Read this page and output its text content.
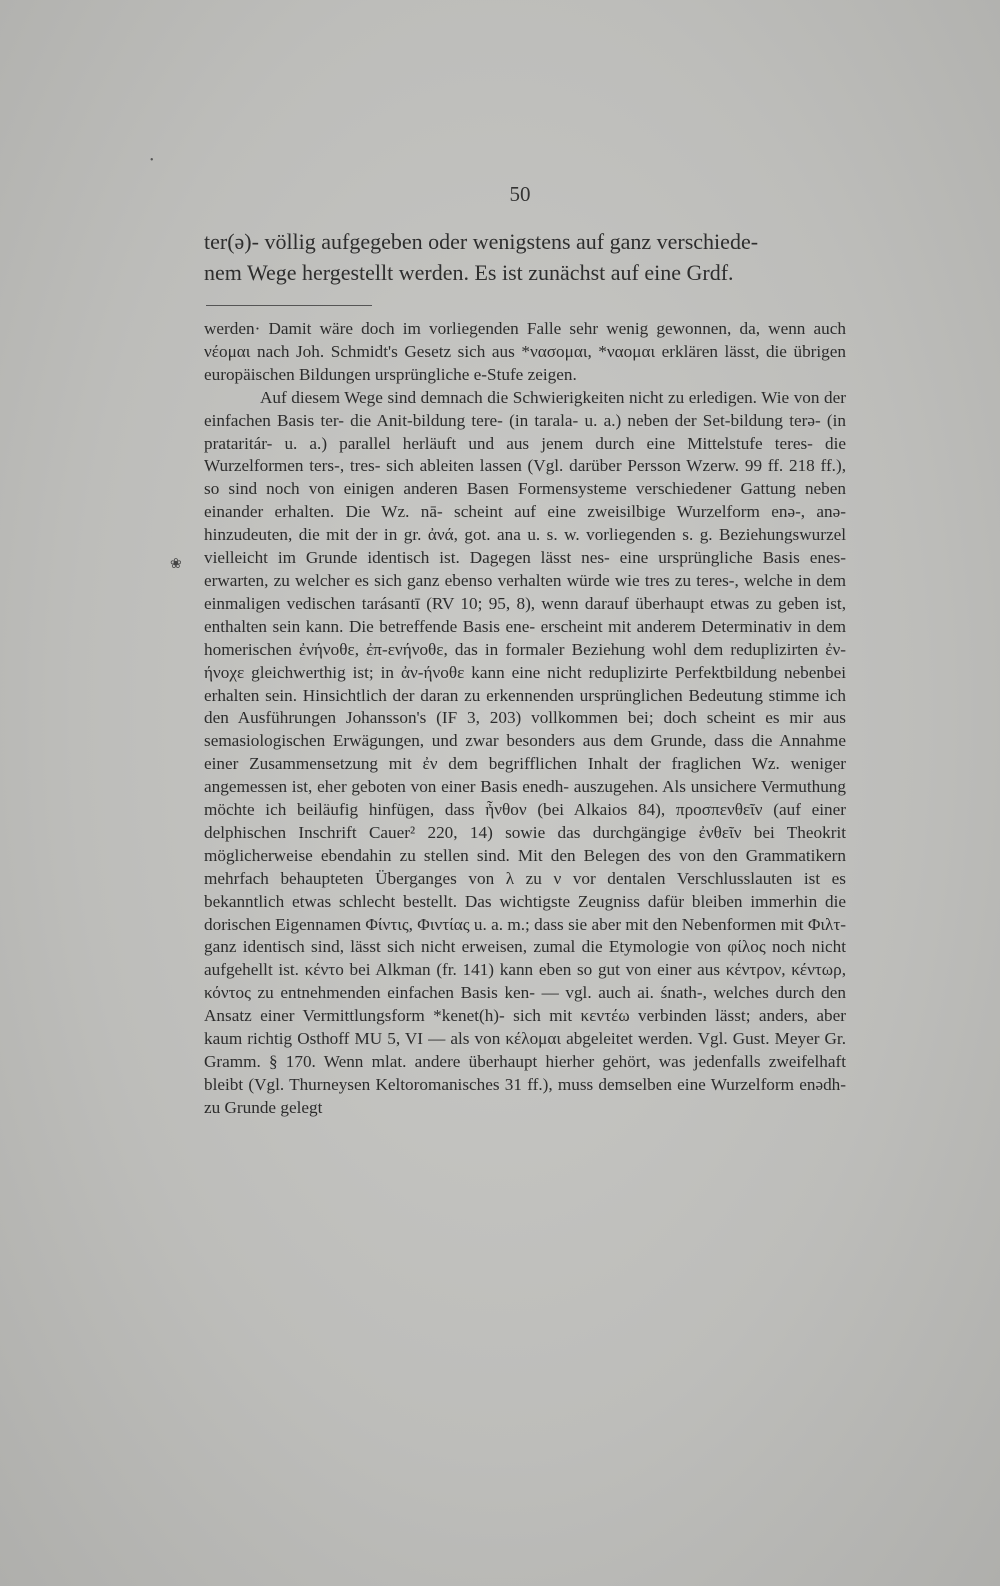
•
50

ter(ə)- völlig aufgegeben oder wenigstens auf ganz verschiede-

nem Wege hergestellt werden. Es ist zunächst auf eine Grdf.

werden· Damit wäre doch im vorliegenden Falle sehr wenig gewonnen, da, wenn auch νέομαι nach Joh. Schmidt's Gesetz sich aus *νασομαι, *ναομαι erklären lässt, die übrigen europäischen Bildungen ursprüngliche e-Stufe zeigen.

Auf diesem Wege sind demnach die Schwierigkeiten nicht zu erledigen. Wie von der einfachen Basis ter- die Anit-bildung tere- (in tarala- u. a.) neben der Set-bildung terə- (in prataritár- u. a.) parallel herläuft und aus jenem durch eine Mittelstufe teres- die Wurzelformen ters-, tres- sich ableiten lassen (Vgl. darüber Persson Wzerw. 99 ff. 218 ff.), so sind noch von einigen anderen Basen Formensysteme verschiedener Gattung neben einander erhalten. Die Wz. nā- scheint auf eine zweisilbige Wurzelform enə-, anə- hinzudeuten, die mit der in gr. ἀνά, got. ana u. s. w. vorliegenden s. g. Beziehungswurzel vielleicht im Grunde identisch ist. Dagegen lässt nes- eine ursprüngliche Basis enes- erwarten, zu welcher es sich ganz ebenso verhalten würde wie tres zu teres-, welche in dem einmaligen vedischen tarásantī (RV 10; 95, 8), wenn darauf überhaupt etwas zu geben ist, enthalten sein kann. Die betreffende Basis ene- erscheint mit anderem Determinativ in dem homerischen ἐνήνοθε, ἐπ-ενήνοθε, das in formaler Beziehung wohl dem reduplizirten ἐν-ήνοχε gleichwerthig ist; in ἀν-ήνοθε kann eine nicht reduplizirte Perfektbildung nebenbei erhalten sein. Hinsichtlich der daran zu erkennenden ursprünglichen Bedeutung stimme ich den Ausführungen Johansson's (IF 3, 203) vollkommen bei; doch scheint es mir aus semasiologischen Erwägungen, und zwar besonders aus dem Grunde, dass die Annahme einer Zusammensetzung mit ἐν dem begrifflichen Inhalt der fraglichen Wz. weniger angemessen ist, eher geboten von einer Basis enedh- auszugehen. Als unsichere Vermuthung möchte ich beiläufig hinfügen, dass ἦνθον (bei Alkaios 84), προσπενθεῖν (auf einer delphischen Inschrift Cauer² 220, 14) sowie das durchgängige ἐνθεῖν bei Theokrit möglicherweise ebendahin zu stellen sind. Mit den Belegen des von den Grammatikern mehrfach behaupteten Überganges von λ zu ν vor dentalen Verschlusslauten ist es bekanntlich etwas schlecht bestellt. Das wichtigste Zeugniss dafür bleiben immerhin die dorischen Eigennamen Φίντις, Φιντίας u. a. m.; dass sie aber mit den Nebenformen mit Φιλτ- ganz identisch sind, lässt sich nicht erweisen, zumal die Etymologie von φίλος noch nicht aufgehellt ist. κέντο bei Alkman (fr. 141) kann eben so gut von einer aus κέντρον, κέντωρ, κόντος zu entnehmenden einfachen Basis ken- — vgl. auch ai. śnath-, welches durch den Ansatz einer Vermittlungsform *kenet(h)- sich mit κεντέω verbinden lässt; anders, aber kaum richtig Osthoff MU 5, VI — als von κέλομαι abgeleitet werden. Vgl. Gust. Meyer Gr. Gramm. § 170. Wenn mlat. andere überhaupt hierher gehört, was jedenfalls zweifelhaft bleibt (Vgl. Thurneysen Keltoromanisches 31 ff.), muss demselben eine Wurzelform enədh- zu Grunde gelegt

❀
